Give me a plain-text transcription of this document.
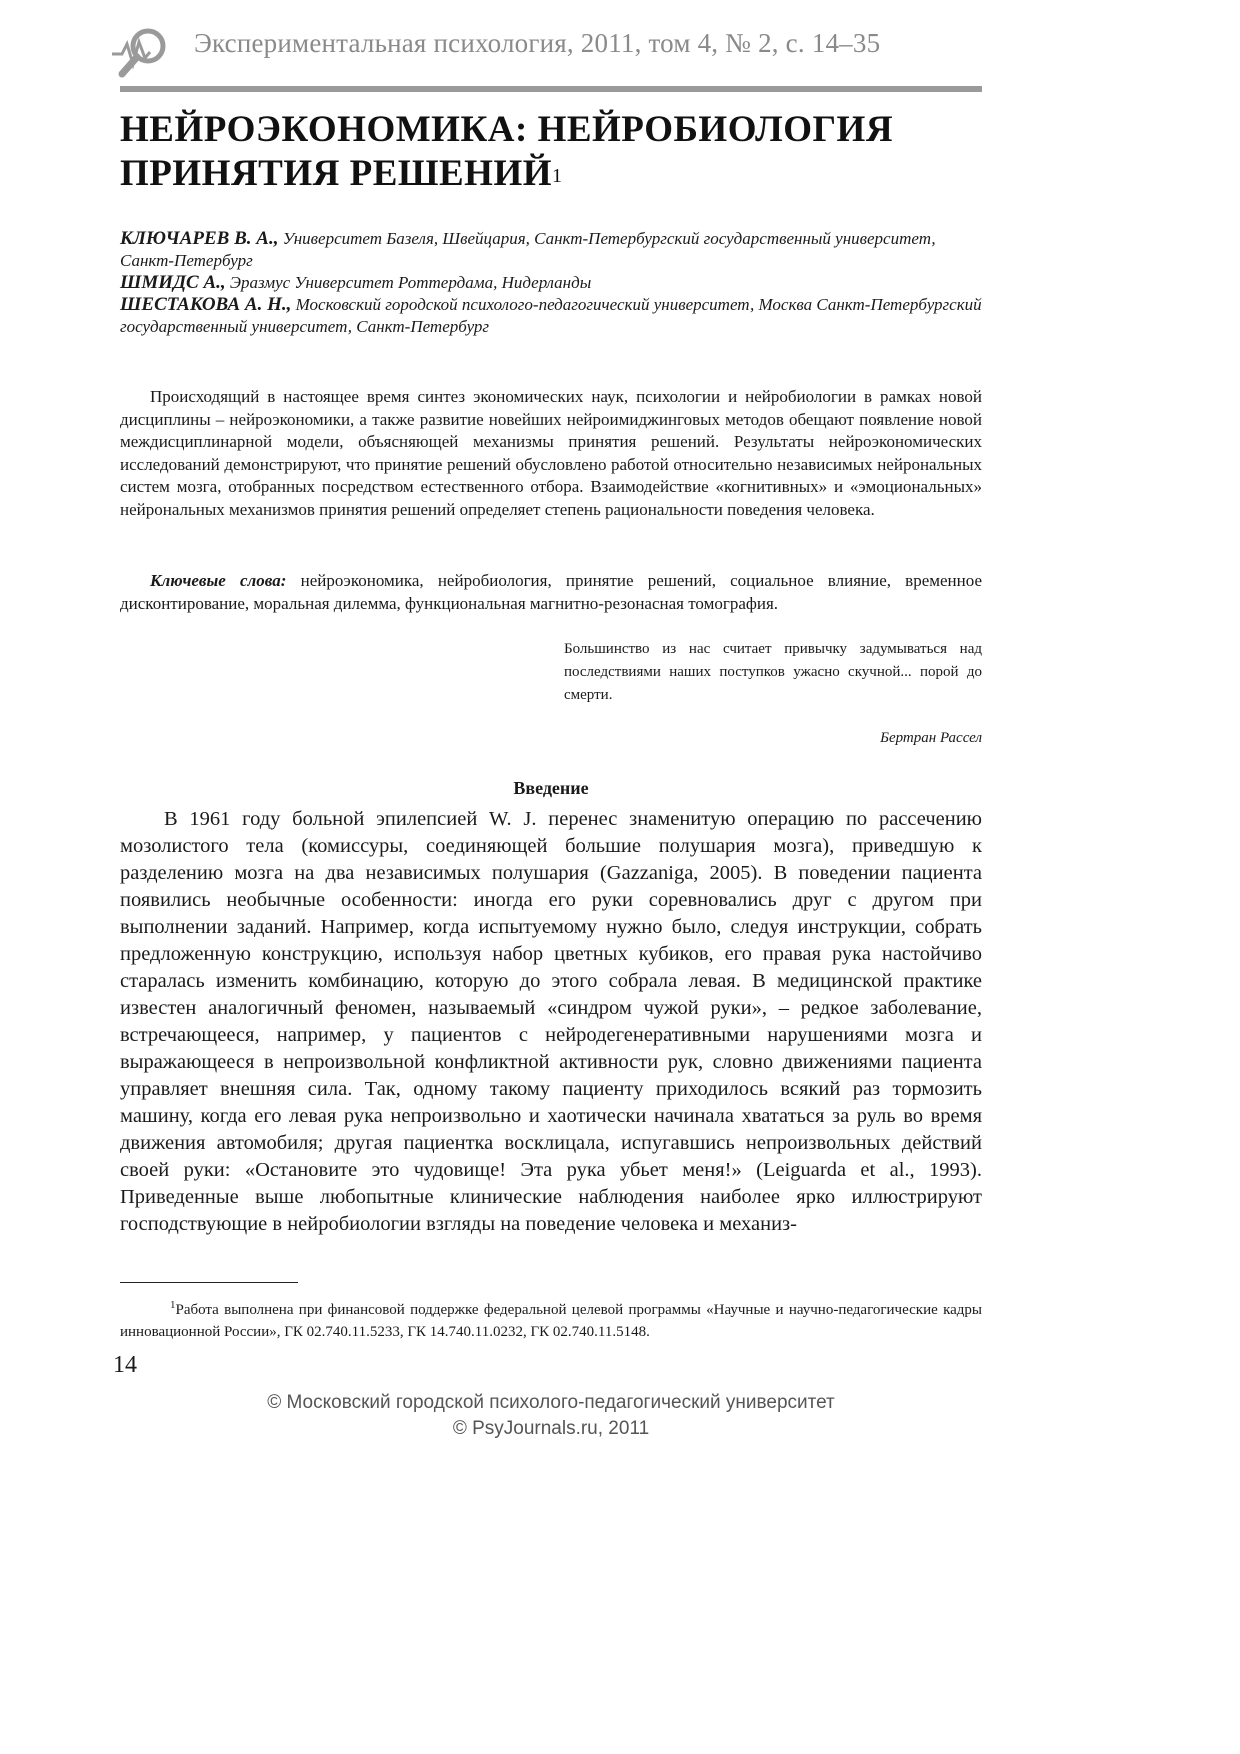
Экспериментальная психология, 2011, том 4, № 2, с. 14–35
НЕЙРОЭКОНОМИКА: НЕЙРОБИОЛОГИЯ
ПРИНЯТИЯ РЕШЕНИЙ$^1$

КЛЮЧАРЕВ В. А., Университет Базеля, Швейцария, Санкт-Петербургский государственный университет, Санкт-Петербург

ШМИДС А., Эразмус Университет Роттердама, Нидерланды

ШЕСТАКОВА А. Н., Московский городской психолого-педагогический университет, Москва Санкт-Петербургский государственный университет, Санкт-Петербург

Происходящий в настоящее время синтез экономических наук, психологии и нейробиологии в рамках новой дисциплины – нейроэкономики, а также развитие новейших нейроимиджинговых методов обещают появление новой междисциплинарной модели, объясняющей механизмы принятия решений. Результаты нейроэкономических исследований демонстрируют, что принятие решений обусловлено работой относительно независимых нейрональных систем мозга, отобранных посредством естественного отбора. Взаимодействие «когнитивных» и «эмоциональных» нейрональных механизмов принятия решений определяет степень рациональности поведения человека.

Ключевые слова: нейроэкономика, нейробиология, принятие решений, социальное влияние, временное дисконтирование, моральная дилемма, функциональная магнитно-резонасная томография.

Большинство из нас считает привычку задумываться над последствиями наших поступков ужасно скучной... порой до смерти.

Бертран Рассел

Введение

В 1961 году больной эпилепсией W. J. перенес знаменитую операцию по рассечению мозолистого тела (комиссуры, соединяющей большие полушария мозга), приведшую к разделению мозга на два независимых полушария (Gazzaniga, 2005). В поведении пациента появились необычные особенности: иногда его руки соревновались друг с другом при выполнении заданий. Например, когда испытуемому нужно было, следуя инструкции, собрать предложенную конструкцию, используя набор цветных кубиков, его правая рука настойчиво старалась изменить комбинацию, которую до этого собрала левая. В медицинской практике известен аналогичный феномен, называемый «синдром чужой руки», – редкое заболевание, встречающееся, например, у пациентов с нейродегенеративными нарушениями мозга и выражающееся в непроизвольной конфликтной активности рук, словно движениями пациента управляет внешняя сила. Так, одному такому пациенту приходилось всякий раз тормозить машину, когда его левая рука непроизвольно и хаотически начинала хвататься за руль во время движения автомобиля; другая пациентка восклицала, испугавшись непроизвольных действий своей руки: «Остановите это чудовище! Эта рука убьет меня!» (Leiguarda et al., 1993). Приведенные выше любопытные клинические наблюдения наиболее ярко иллюстрируют господствующие в нейробиологии взгляды на поведение человека и механиз-

$^1$Работа выполнена при финансовой поддержке федеральной целевой программы «Научные и научно-педагогические кадры инновационной России», ГК 02.740.11.5233, ГК 14.740.11.0232, ГК 02.740.11.5148.

14

© Московский городской психолого-педагогический университет
© PsyJournals.ru, 2011
